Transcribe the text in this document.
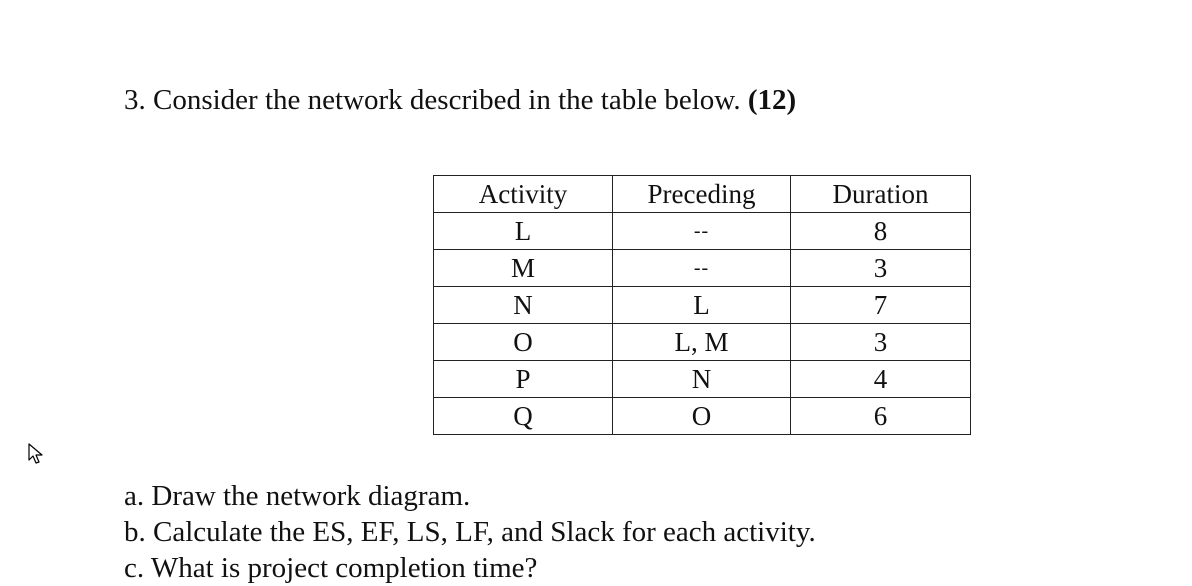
3. Consider the network described in the table below. (12)
Activity	Preceding	Duration
L	--	8
M	--	3
N	L	7
O	L, M	3
P	N	4
Q	O	6
a. Draw the network diagram.
b. Calculate the ES, EF, LS, LF, and Slack for each activity.
c. What is project completion time?
